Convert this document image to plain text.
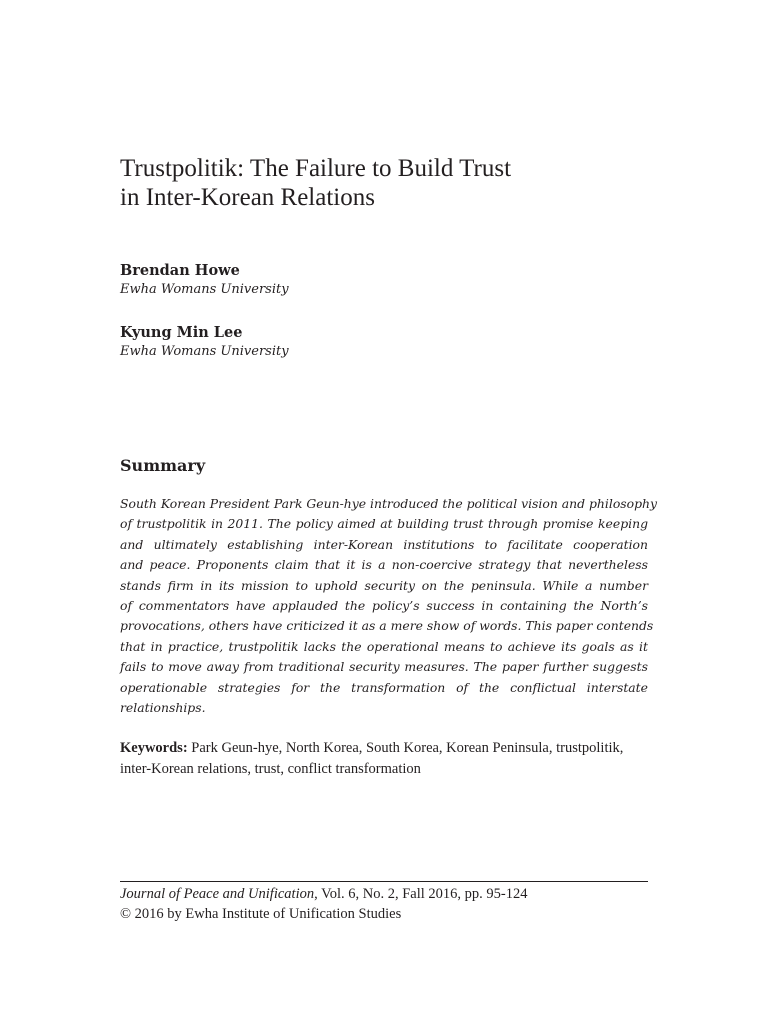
Trustpolitik: The Failure to Build Trust
in Inter-Korean Relations
Brendan Howe
Ewha Womans University
Kyung Min Lee
Ewha Womans University
Summary

South Korean President Park Geun-hye introduced the political vision and philosophy
of trustpolitik in 2011. The policy aimed at building trust through promise keeping
and ultimately establishing inter-Korean institutions to facilitate cooperation
and peace. Proponents claim that it is a non-coercive strategy that nevertheless
stands firm in its mission to uphold security on the peninsula. While a number
of commentators have applauded the policy’s success in containing the North’s
provocations, others have criticized it as a mere show of words. This paper contends
that in practice, trustpolitik lacks the operational means to achieve its goals as it
fails to move away from traditional security measures. The paper further suggests
operationable strategies for the transformation of the conflictual interstate
relationships.

Keywords: Park Geun-hye, North Korea, South Korea, Korean Peninsula, trustpolitik,
inter-Korean relations, trust, conflict transformation

Journal of Peace and Unification, Vol. 6, No. 2, Fall 2016, pp. 95-124
© 2016 by Ewha Institute of Unification Studies
